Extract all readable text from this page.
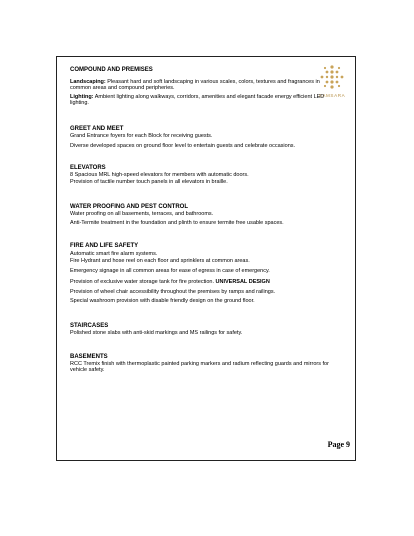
SAMSARA
COMPOUND AND PREMISES
Landscaping: Pleasant hard and soft landscaping in various scales, colors, textures and fragrances in common areas and compound peripheries.
Lighting: Ambient lighting along walkways, corridors, amenities and elegant facade energy efficient LED lighting.
GREET AND MEET
Grand Entrance foyers for each Block for receiving guests.
Diverse developed spaces on ground floor level to entertain guests and celebrate occasions.
ELEVATORS
8 Spacious MRL high-speed elevators for members with automatic doors.
Provision of tactile number touch panels in all elevators in braille.
WATER PROOFING AND PEST CONTROL
Water proofing on all basements, terraces, and bathrooms.
Anti-Termite treatment in the foundation and plinth to ensure termite free usable spaces.
FIRE AND LIFE SAFETY
Automatic smart fire alarm systems.
Fire Hydrant and hose reel on each floor and sprinklers at common areas.
Emergency signage in all common areas for ease of egress in case of emergency.
Provision of exclusive water storage tank for fire protection. UNIVERSAL DESIGN
Provision of wheel chair accessibility throughout the premises by ramps and railings.
Special washroom provision with disable friendly design on the ground floor.
STAIRCASES
Polished stone slabs with anti-skid markings and MS railings for safety.
BASEMENTS
RCC Tremix finish with thermoplastic painted parking markers and radium reflecting guards and mirrors for vehicle safety.
Page 9
